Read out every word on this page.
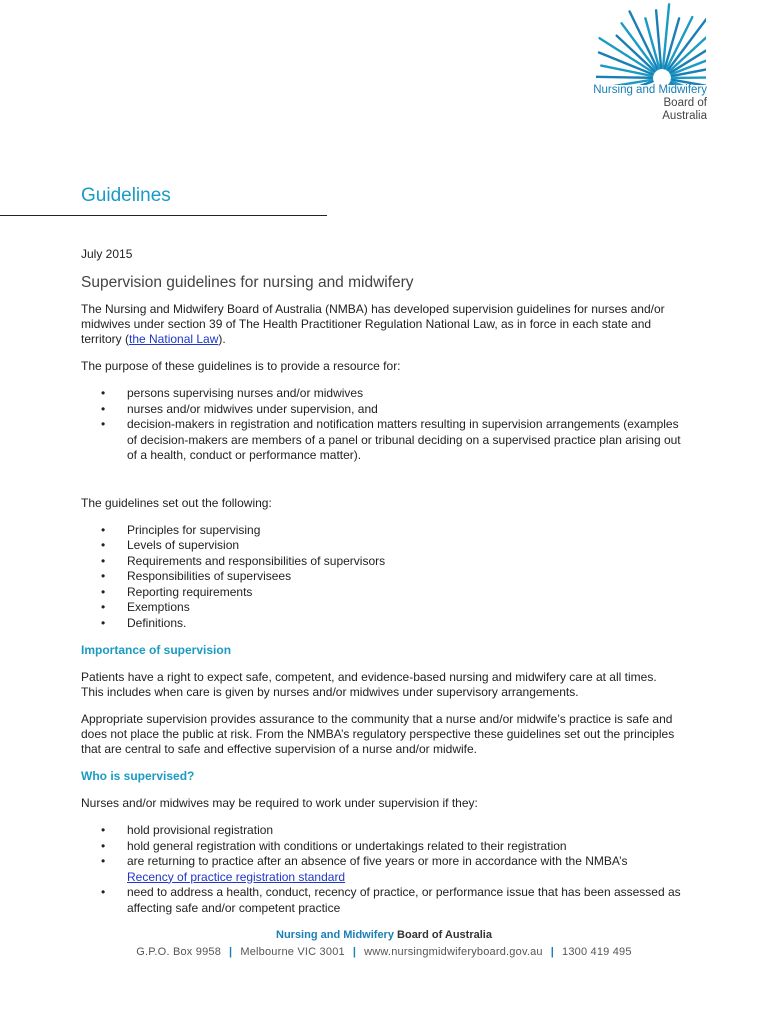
Nursing and Midwifery
Board of
Australia
Guidelines

July 2015

Supervision guidelines for nursing and midwifery

The Nursing and Midwifery Board of Australia (NMBA) has developed supervision guidelines for nurses and/or midwives under section 39 of The Health Practitioner Regulation National Law, as in force in each state and territory (the National Law).

The purpose of these guidelines is to provide a resource for:

• persons supervising nurses and/or midwives
• nurses and/or midwives under supervision, and
• decision-makers in registration and notification matters resulting in supervision arrangements (examples of decision-makers are members of a panel or tribunal deciding on a supervised practice plan arising out of a health, conduct or performance matter).

The guidelines set out the following:

• Principles for supervising
• Levels of supervision
• Requirements and responsibilities of supervisors
• Responsibilities of supervisees
• Reporting requirements
• Exemptions
• Definitions.
Importance of supervision

Patients have a right to expect safe, competent, and evidence-based nursing and midwifery care at all times. This includes when care is given by nurses and/or midwives under supervisory arrangements.

Appropriate supervision provides assurance to the community that a nurse and/or midwife’s practice is safe and does not place the public at risk. From the NMBA’s regulatory perspective these guidelines set out the principles that are central to safe and effective supervision of a nurse and/or midwife.

Who is supervised?

Nurses and/or midwives may be required to work under supervision if they:

• hold provisional registration
• hold general registration with conditions or undertakings related to their registration
• are returning to practice after an absence of five years or more in accordance with the NMBA’s
Recency of practice registration standard
• need to address a health, conduct, recency of practice, or performance issue that has been assessed as affecting safe and/or competent practice
Nursing and Midwifery Board of Australia
G.P.O. Box 9958 | Melbourne VIC 3001 | www.nursingmidwiferyboard.gov.au | 1300 419 495
